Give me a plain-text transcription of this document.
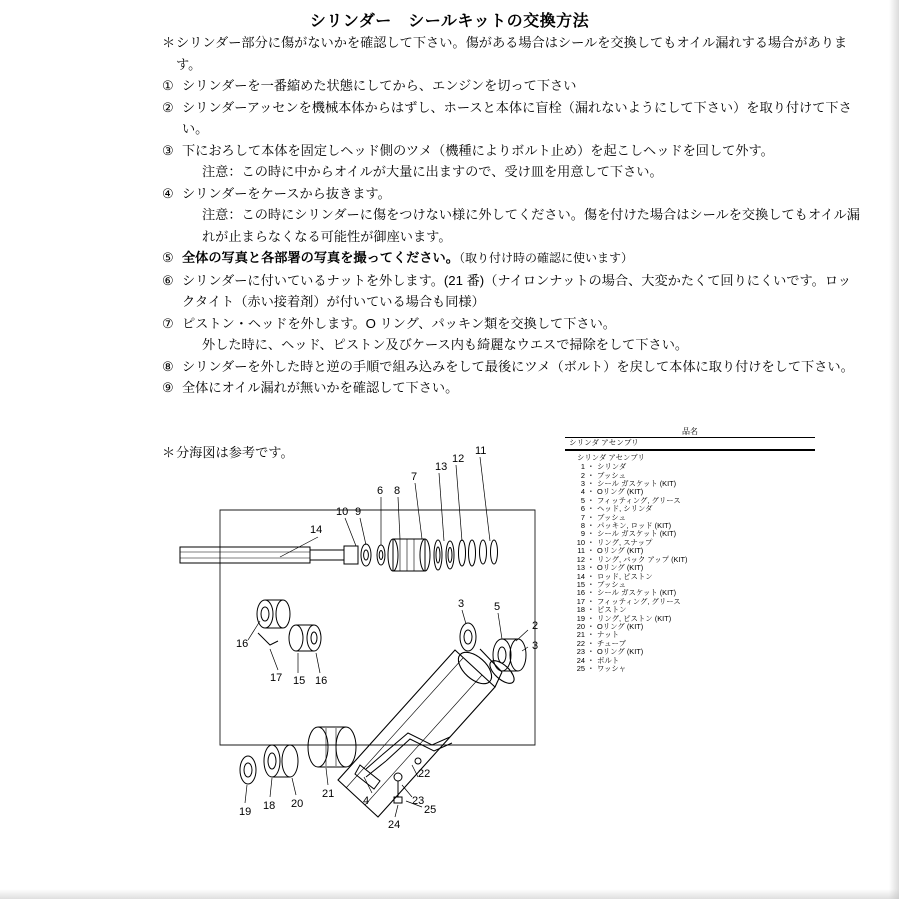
シリンダー　シールキットの交換方法
＊ シリンダー部分に傷がないかを確認して下さい。傷がある場合はシールを交換してもオイル漏れする場合があります。
① シリンダーを一番縮めた状態にしてから、エンジンを切って下さい
② シリンダーアッセンを機械本体からはずし、ホースと本体に盲栓（漏れないようにして下さい）を取り付けて下さい。
③ 下におろして本体を固定しヘッド側のツメ（機種によりボルト止め）を起こしヘッドを回して外す。
注意：この時に中からオイルが大量に出ますので、受け皿を用意して下さい。
④ シリンダーをケースから抜きます。
注意：この時にシリンダーに傷をつけない様に外してください。傷を付けた場合はシールを交換してもオイル漏れが止まらなくなる可能性が御座います。
⑤ 全体の写真と各部署の写真を撮ってください。（取り付け時の確認に使います）
⑥ シリンダーに付いているナットを外します。(21 番)（ナイロンナットの場合、大変かたくて回りにくいです。ロックタイト（赤い接着剤）が付いている場合も同様）
⑦ ピストン・ヘッドを外します。O リング、パッキン類を交換して下さい。
外した時に、ヘッド、ピストン及びケース内も綺麗なウエスで掃除をして下さい。
⑧ シリンダーを外した時と逆の手順で組み込みをして最後にツメ（ボルト）を戻して本体に取り付けをして下さい。
⑨ 全体にオイル漏れが無いかを確認して下さい。
＊ 分海図は参考です。
14
9
10
6 8
7
13
12
11
16
17 15 16
3	5
2
3
19 18 20
21
4
22
23
24
25
品名
シリンダ アセンブリ
シリンダ アセンブリ
1 ･ シリンダ
2 ･ ブッシュ
3 ･ シール ガスケット (KIT)
4 ･ Oリング (KIT)
5 ･ フィッティング, グリース
6 ･ ヘッド, シリンダ
7 ･ ブッシュ
8 ･ パッキン, ロッド (KIT)
9 ･ シール ガスケット (KIT)
10 ･ リング, スナップ
11 ･ Oリング (KIT)
12 ･ リング, バック アップ (KIT)
13 ･ Oリング (KIT)
14 ･ ロッド, ピストン
15 ･ ブッシュ
16 ･ シール ガスケット (KIT)
17 ･ フィッティング, グリース
18 ･ ピストン
19 ･ リング, ピストン (KIT)
20 ･ Oリング (KIT)
21 ･ ナット
22 ･ チューブ
23 ･ Oリング (KIT)
24 ･ ボルト
25 ･ ワッシャ
